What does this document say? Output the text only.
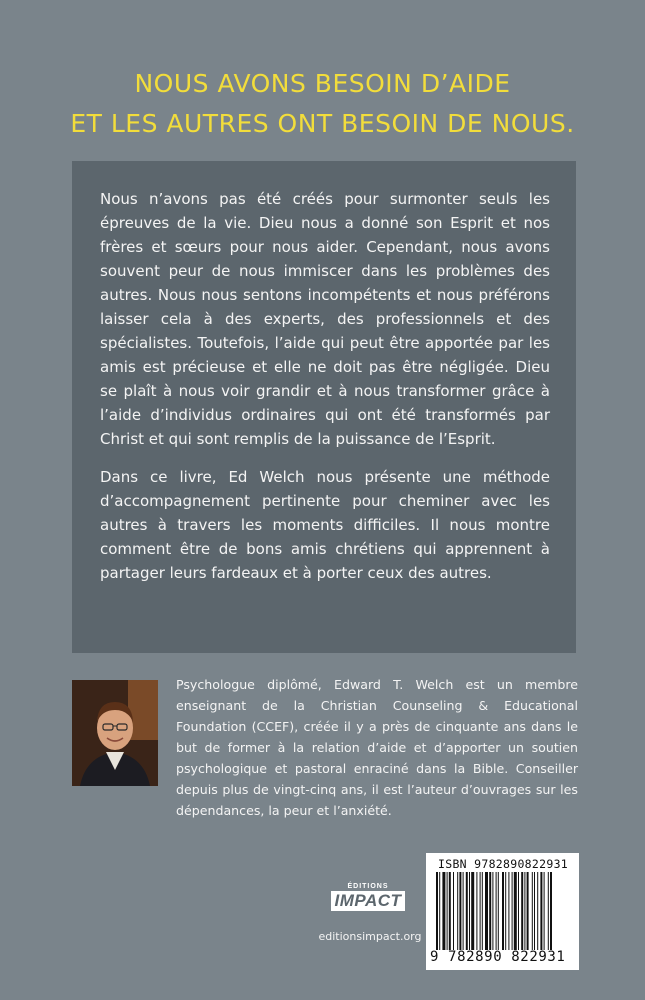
NOUS AVONS BESOIN D’AIDE
ET LES AUTRES ONT BESOIN DE NOUS.

Nous n’avons pas été créés pour surmonter seuls les épreuves de la vie. Dieu nous a donné son Esprit et nos frères et sœurs pour nous aider. Cependant, nous avons souvent peur de nous immiscer dans les problèmes des autres. Nous nous sentons incompétents et nous préférons laisser cela à des experts, des professionnels et des spécialistes. Toutefois, l’aide qui peut être apportée par les amis est précieuse et elle ne doit pas être négligée. Dieu se plaît à nous voir grandir et à nous transformer grâce à l’aide d’individus ordinaires qui ont été transformés par Christ et qui sont remplis de la puissance de l’Esprit.

Dans ce livre, Ed Welch nous présente une méthode d’accompagnement pertinente pour cheminer avec les autres à travers les moments difficiles. Il nous montre comment être de bons amis chrétiens qui apprennent à partager leurs fardeaux et à porter ceux des autres.

Psychologue diplômé, Edward T. Welch est un membre enseignant de la Christian Counseling & Educational Foundation (CCEF), créée il y a près de cinquante ans dans le but de former à la relation d’aide et d’apporter un soutien psychologique et pastoral enraciné dans la Bible. Conseiller depuis plus de vingt-cinq ans, il est l’auteur d’ouvrages sur les dépendances, la peur et l’anxiété.
ÉDITIONS
IMPACT
editionsimpact.org
ISBN 9782890822931
9 782890 822931
